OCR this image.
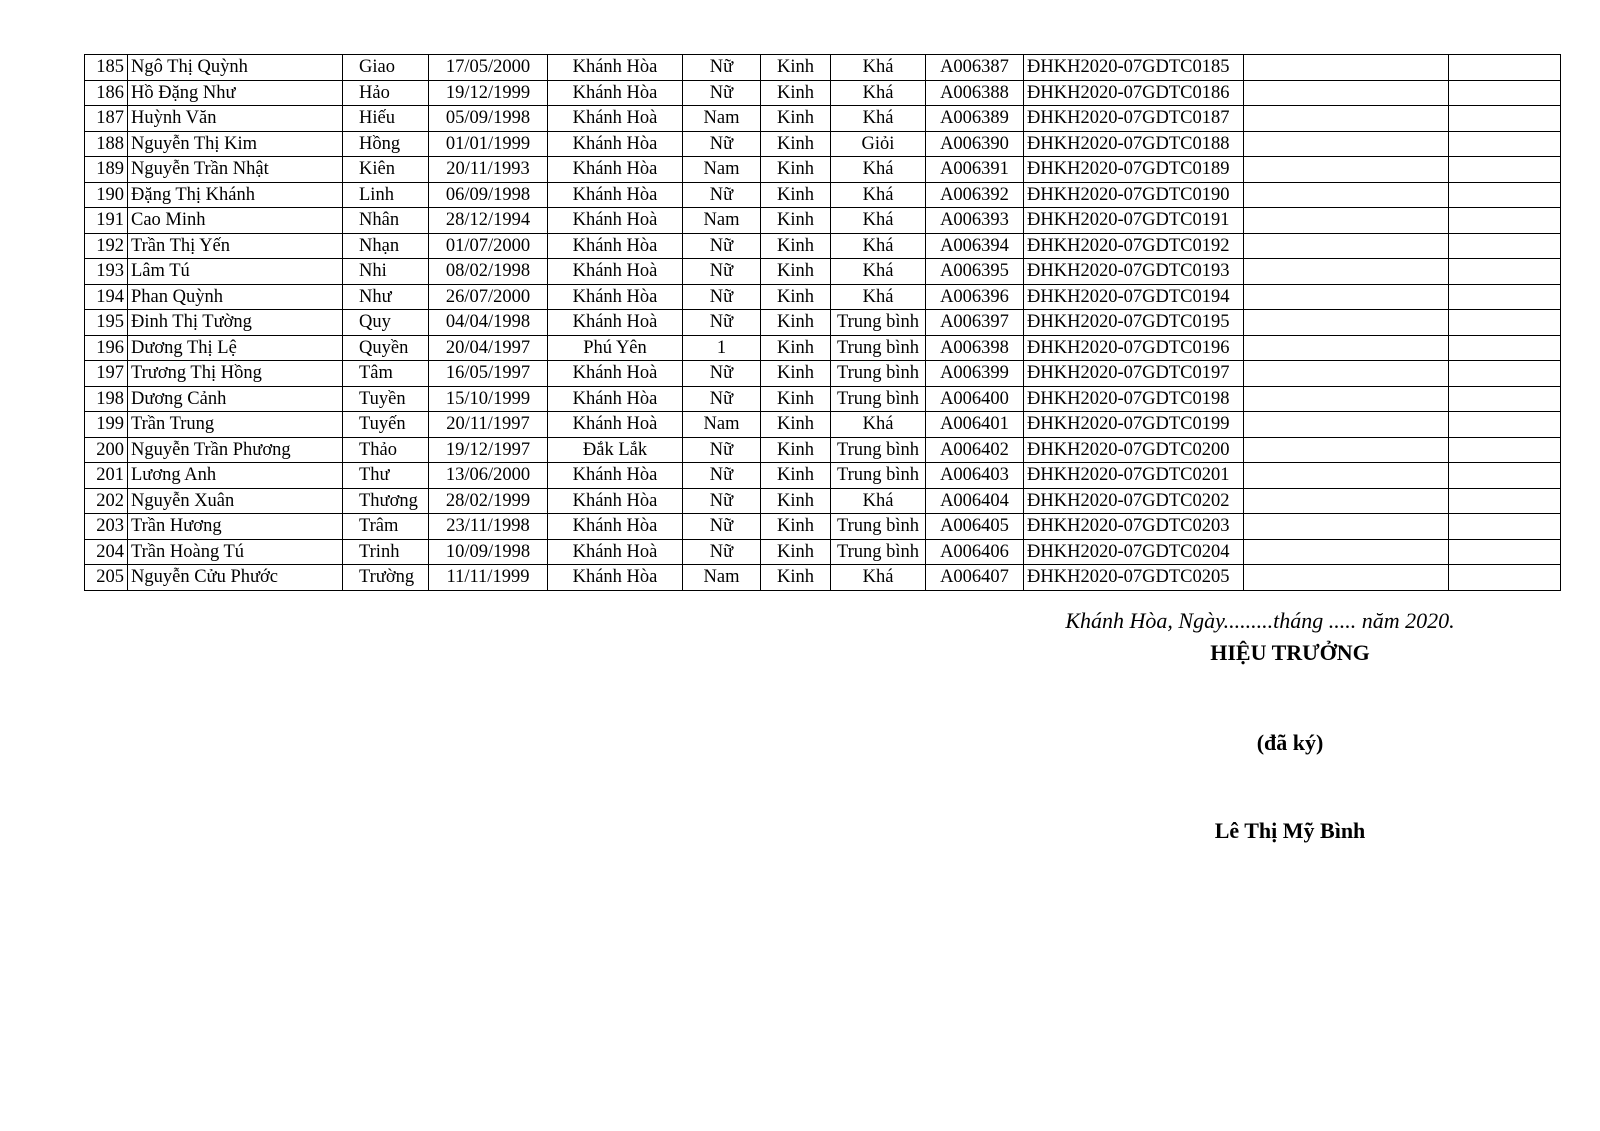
185	Ngô Thị Quỳnh	Giao	17/05/2000	Khánh Hòa	Nữ	Kinh	Khá	A006387	ĐHKH2020-07GDTC0185		
186	Hồ Đặng Như	Hảo	19/12/1999	Khánh Hòa	Nữ	Kinh	Khá	A006388	ĐHKH2020-07GDTC0186		
187	Huỳnh Văn	Hiếu	05/09/1998	Khánh Hoà	Nam	Kinh	Khá	A006389	ĐHKH2020-07GDTC0187		
188	Nguyễn Thị Kim	Hồng	01/01/1999	Khánh Hòa	Nữ	Kinh	Giỏi	A006390	ĐHKH2020-07GDTC0188		
189	Nguyễn Trần Nhật	Kiên	20/11/1993	Khánh Hòa	Nam	Kinh	Khá	A006391	ĐHKH2020-07GDTC0189		
190	Đặng Thị Khánh	Linh	06/09/1998	Khánh Hòa	Nữ	Kinh	Khá	A006392	ĐHKH2020-07GDTC0190		
191	Cao Minh	Nhân	28/12/1994	Khánh Hoà	Nam	Kinh	Khá	A006393	ĐHKH2020-07GDTC0191		
192	Trần Thị Yến	Nhạn	01/07/2000	Khánh Hòa	Nữ	Kinh	Khá	A006394	ĐHKH2020-07GDTC0192		
193	Lâm Tú	Nhi	08/02/1998	Khánh Hoà	Nữ	Kinh	Khá	A006395	ĐHKH2020-07GDTC0193		
194	Phan Quỳnh	Như	26/07/2000	Khánh Hòa	Nữ	Kinh	Khá	A006396	ĐHKH2020-07GDTC0194		
195	Đinh Thị Tường	Quy	04/04/1998	Khánh Hoà	Nữ	Kinh	Trung bình	A006397	ĐHKH2020-07GDTC0195		
196	Dương Thị Lệ	Quyền	20/04/1997	Phú Yên	1	Kinh	Trung bình	A006398	ĐHKH2020-07GDTC0196		
197	Trương Thị Hồng	Tâm	16/05/1997	Khánh Hoà	Nữ	Kinh	Trung bình	A006399	ĐHKH2020-07GDTC0197		
198	Dương Cảnh	Tuyền	15/10/1999	Khánh Hòa	Nữ	Kinh	Trung bình	A006400	ĐHKH2020-07GDTC0198		
199	Trần Trung	Tuyến	20/11/1997	Khánh Hoà	Nam	Kinh	Khá	A006401	ĐHKH2020-07GDTC0199		
200	Nguyễn Trần Phương	Thảo	19/12/1997	Đắk Lắk	Nữ	Kinh	Trung bình	A006402	ĐHKH2020-07GDTC0200		
201	Lương Anh	Thư	13/06/2000	Khánh Hòa	Nữ	Kinh	Trung bình	A006403	ĐHKH2020-07GDTC0201		
202	Nguyễn Xuân	Thương	28/02/1999	Khánh Hòa	Nữ	Kinh	Khá	A006404	ĐHKH2020-07GDTC0202		
203	Trần Hương	Trâm	23/11/1998	Khánh Hòa	Nữ	Kinh	Trung bình	A006405	ĐHKH2020-07GDTC0203		
204	Trần Hoàng Tú	Trinh	10/09/1998	Khánh Hoà	Nữ	Kinh	Trung bình	A006406	ĐHKH2020-07GDTC0204		
205	Nguyễn Cửu Phước	Trường	11/11/1999	Khánh Hòa	Nam	Kinh	Khá	A006407	ĐHKH2020-07GDTC0205		
Khánh Hòa, Ngày.........tháng ..... năm 2020.
HIỆU TRƯỞNG
(đã ký)
Lê Thị Mỹ Bình
